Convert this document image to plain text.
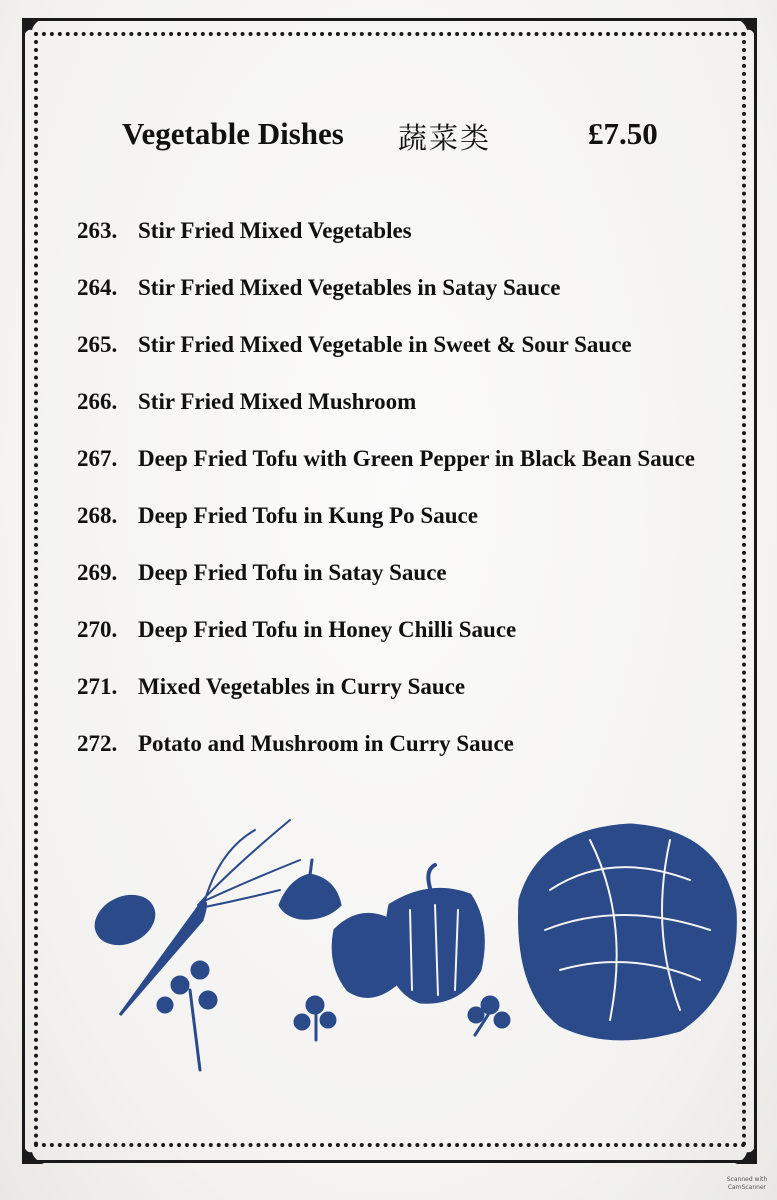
Vegetable Dishes 蔬菜类	£7.50
263. Stir Fried Mixed Vegetables
264. Stir Fried Mixed Vegetables in Satay Sauce
265. Stir Fried Mixed Vegetable in Sweet & Sour Sauce
266. Stir Fried Mixed Mushroom
267. Deep Fried Tofu with Green Pepper in Black Bean Sauce
268. Deep Fried Tofu in Kung Po Sauce
269. Deep Fried Tofu in Satay Sauce
270. Deep Fried Tofu in Honey Chilli Sauce
271. Mixed Vegetables in Curry Sauce
272. Potato and Mushroom in Curry Sauce
Scanned with
CamScanner
